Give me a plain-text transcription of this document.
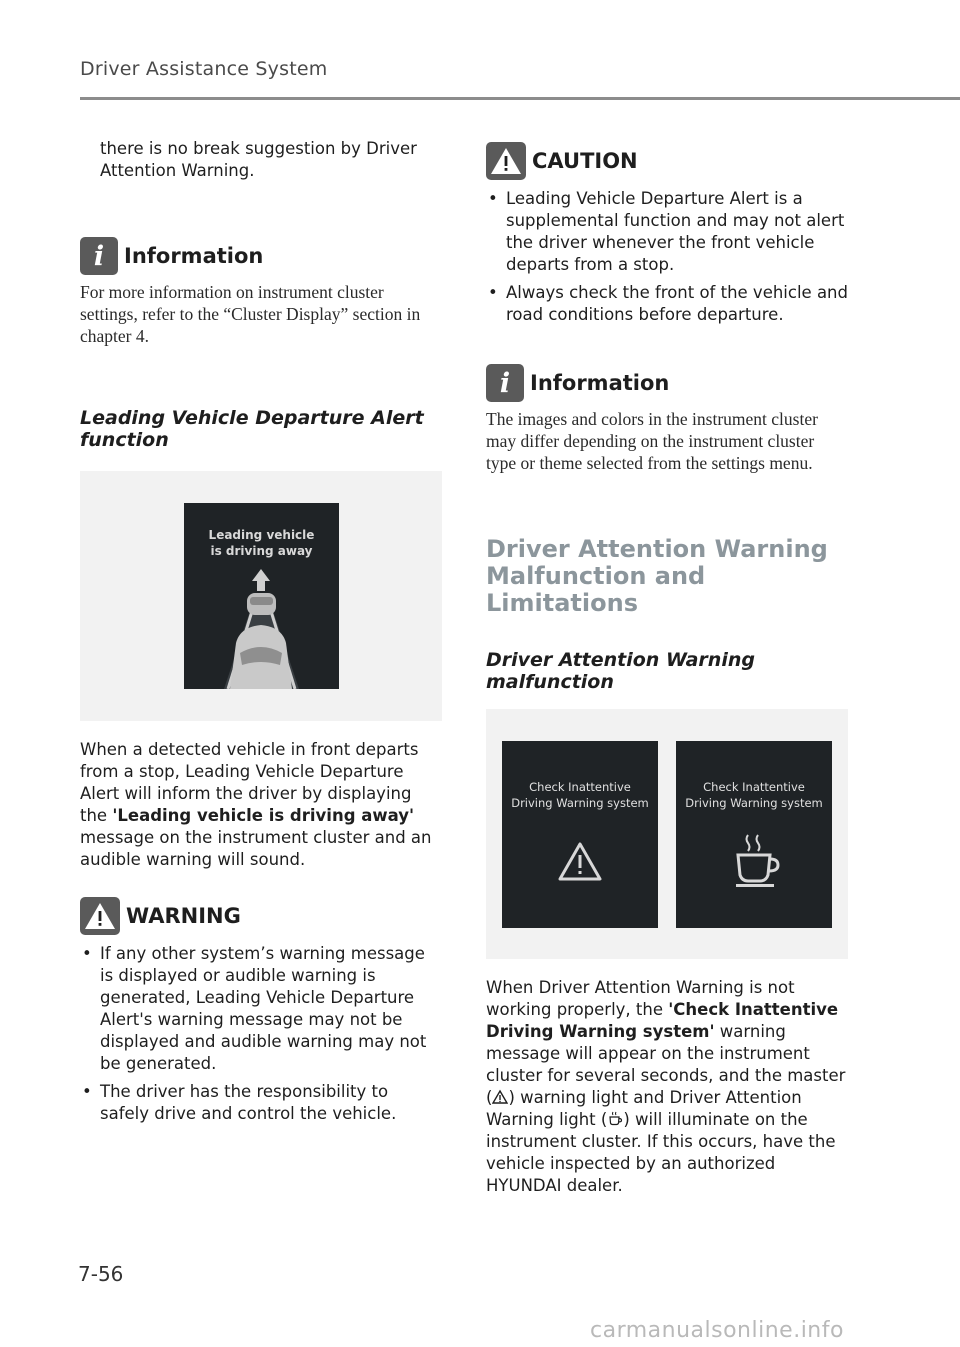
Driver Assistance System

there is no break suggestion by Driver Attention Warning.

i Information

For more information on instrument cluster settings, refer to the “Cluster Display” section in chapter 4.

Leading Vehicle Departure Alert function

Leading vehicle
is driving away

When a detected vehicle in front departs from a stop, Leading Vehicle Departure Alert will inform the driver by displaying the 'Leading vehicle is driving away' message on the instrument cluster and an audible warning will sound.

WARNING
• If any other system’s warning message is displayed or audible warning is generated, Leading Vehicle Departure Alert's warning message may not be displayed and audible warning may not be generated.
• The driver has the responsibility to safely drive and control the vehicle.
CAUTION
• Leading Vehicle Departure Alert is a supplemental function and may not alert the driver whenever the front vehicle departs from a stop.
• Always check the front of the vehicle and road conditions before departure.
i Information

The images and colors in the instrument cluster may differ depending on the instrument cluster type or theme selected from the settings menu.

Driver Attention Warning Malfunction and Limitations

Driver Attention Warning malfunction

Check Inattentive
Driving Warning system
Check Inattentive
Driving Warning system

When Driver Attention Warning is not working properly, the 'Check Inattentive Driving Warning system' warning message will appear on the instrument cluster for several seconds, and the master ( ) warning light and Driver Attention Warning light ( ) will illuminate on the instrument cluster. If this occurs, have the vehicle inspected by an authorized HYUNDAI dealer.

7-56
carmanualsonline.info
